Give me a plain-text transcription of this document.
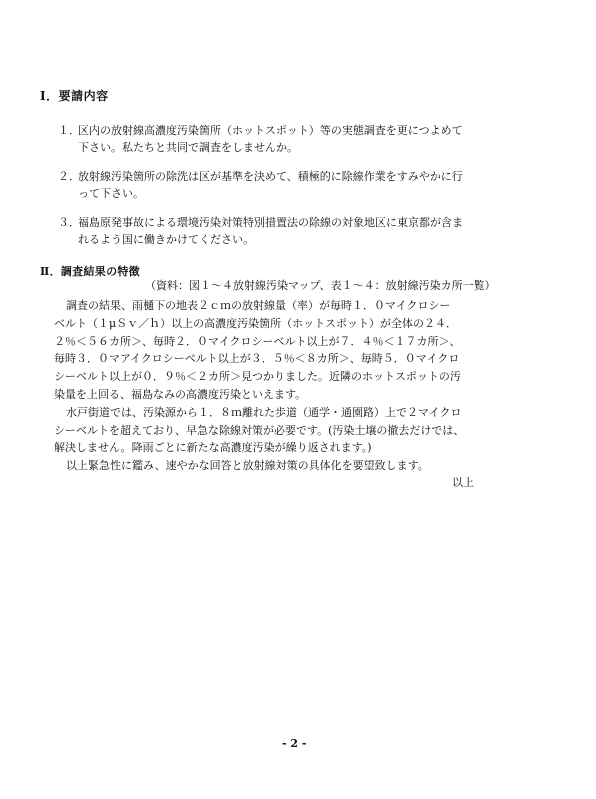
Ⅰ．要請内容
１．
区内の放射線高濃度汚染箇所（ホットスポット）等の実態調査を更につよめて
下さい。私たちと共同で調査をしませんか。
２．
放射線汚染箇所の除洗は区が基準を決めて、積極的に除線作業をすみやかに行
って下さい。
３．
福島原発事故による環境汚染対策特別措置法の除線の対象地区に東京都が含ま
れるよう国に働きかけてください。
Ⅱ．調査結果の特徴
（資料：図１～４放射線汚染マップ、表１～４：放射線汚染カ所一覧）
調査の結果、雨樋下の地表２ｃｍの放射線量（率）が毎時１．０マイクロシー
ベルト（１μＳｖ／ｈ）以上の高濃度汚染箇所（ホットスポット）が全体の２４．
２％＜５６カ所＞、毎時２．０マイクロシーベルト以上が７．４％＜１７カ所＞、
毎時３．０マアイクロシーベルト以上が３．５％＜８カ所＞、毎時５．０マイクロ
シーベルト以上が０．９％＜２カ所＞見つかりました。近隣のホットスポットの汚
染量を上回る、福島なみの高濃度汚染といえます。
水戸街道では、汚染源から１．８ｍ離れた歩道（通学・通園路）上で２マイクロ
シーベルトを超えており、早急な除線対策が必要です。(汚染土壌の撤去だけでは、
解決しません。降雨ごとに新たな高濃度汚染が繰り返されます。)
以上緊急性に鑑み、速やかな回答と放射線対策の具体化を要望致します。
以上
- 2 -
